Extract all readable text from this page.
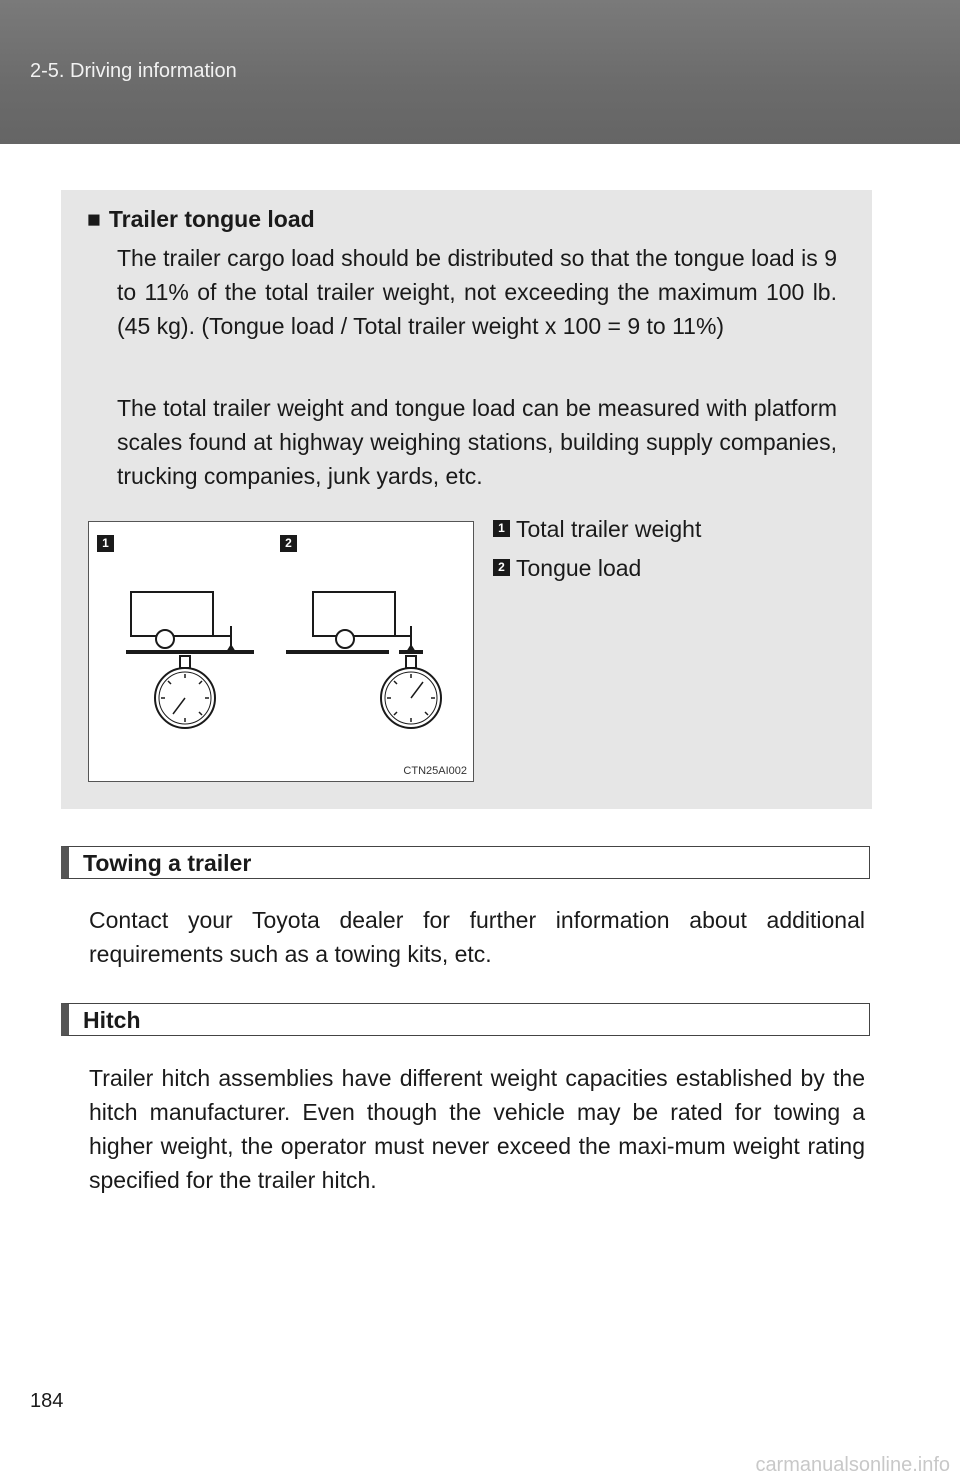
2-5. Driving information
■ Trailer tongue load
The trailer cargo load should be distributed so that the tongue load is 9 to 11% of the total trailer weight, not exceeding the maximum 100 lb. (45 kg). (Tongue load / Total trailer weight x 100 = 9 to 11%)
The total trailer weight and tongue load can be measured with platform scales found at highway weighing stations, building supply companies, trucking companies, junk yards, etc.
1	2
CTN25AI002
1 Total trailer weight
2 Tongue load
Towing a trailer
Contact your Toyota dealer for further information about additional requirements such as a towing kits, etc.
Hitch
Trailer hitch assemblies have different weight capacities established by the hitch manufacturer. Even though the vehicle may be rated for towing a higher weight, the operator must never exceed the maxi-mum weight rating specified for the trailer hitch.
184
carmanualsonline.info
